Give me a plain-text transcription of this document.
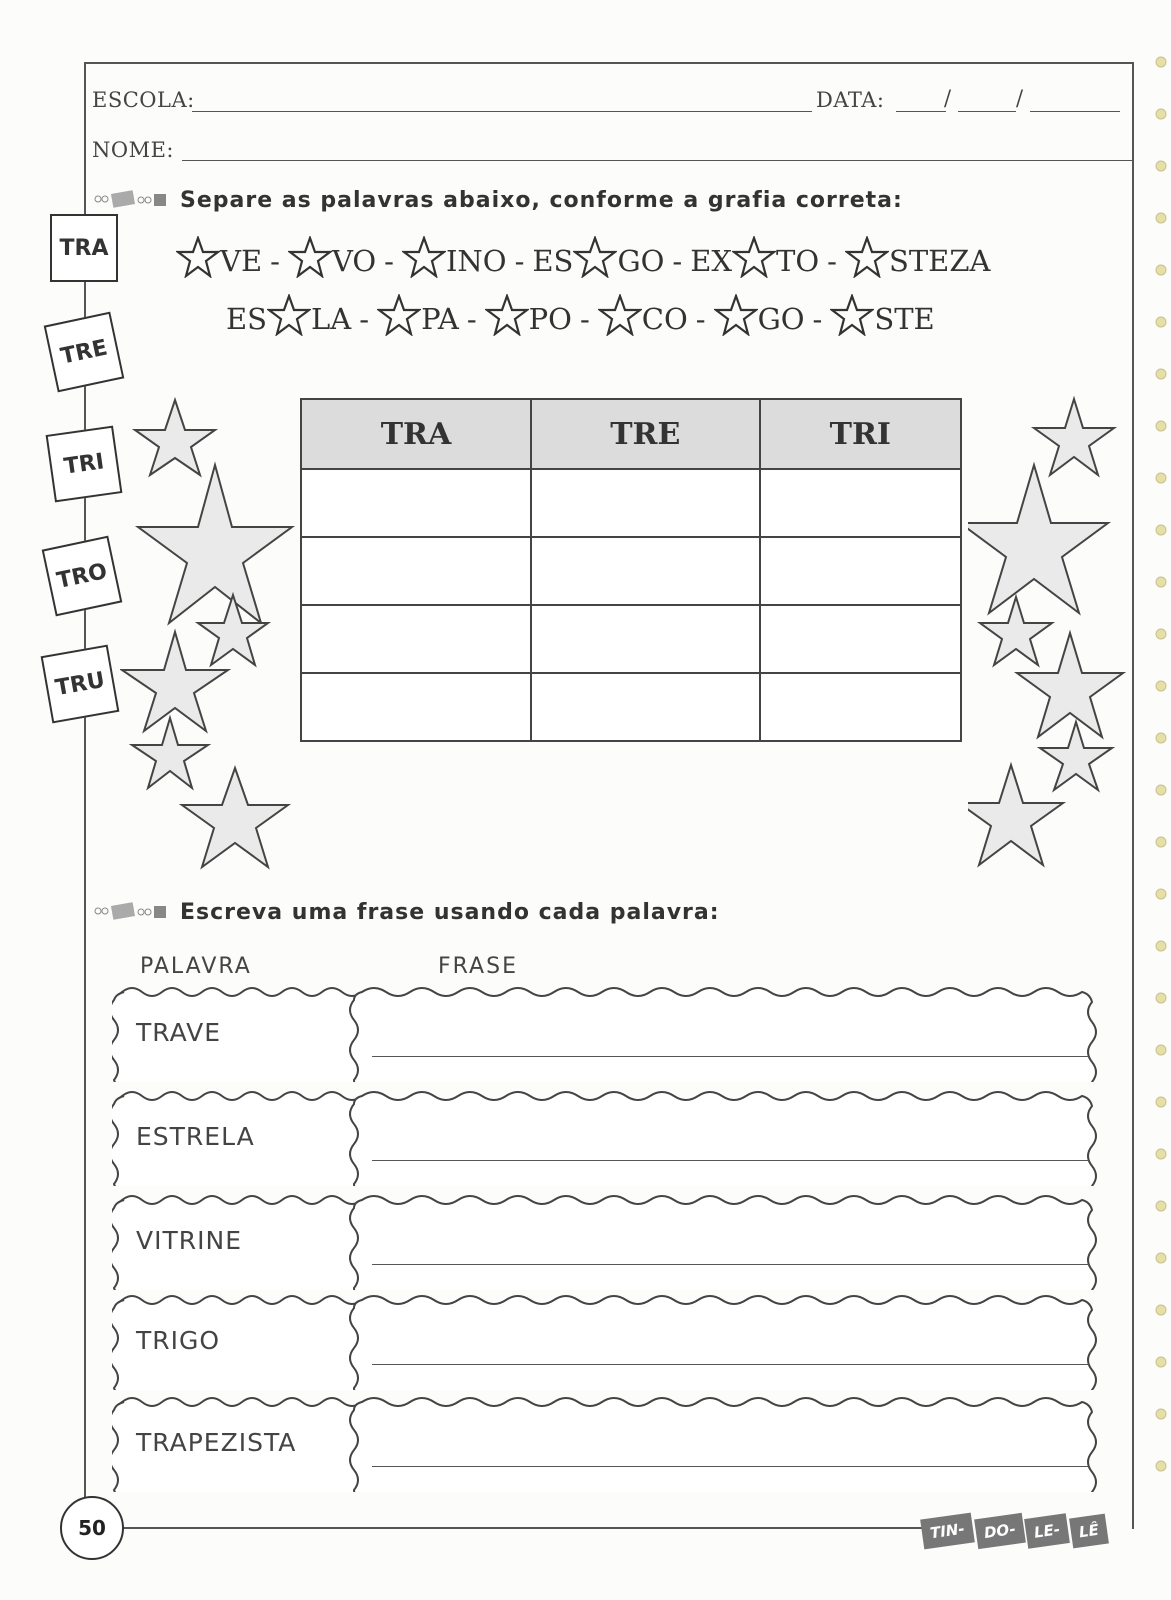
ESCOLA:	DATA:	/	/
NOME:
Separe as palavras abaixo, conforme a grafia correta:
TRA
TRE
TRI
TRO
TRU
VE - VO - INO - ES GO - EX TO - STEZA
ES LA - PA - PO - CO - GO - STE
TRA	TRE	TRI

Escreva uma frase usando cada palavra:
PALAVRA	FRASE
TRAVE
ESTRELA
VITRINE
TRIGO
TRAPEZISTA
50	TIN- DO- LE- LÊ
